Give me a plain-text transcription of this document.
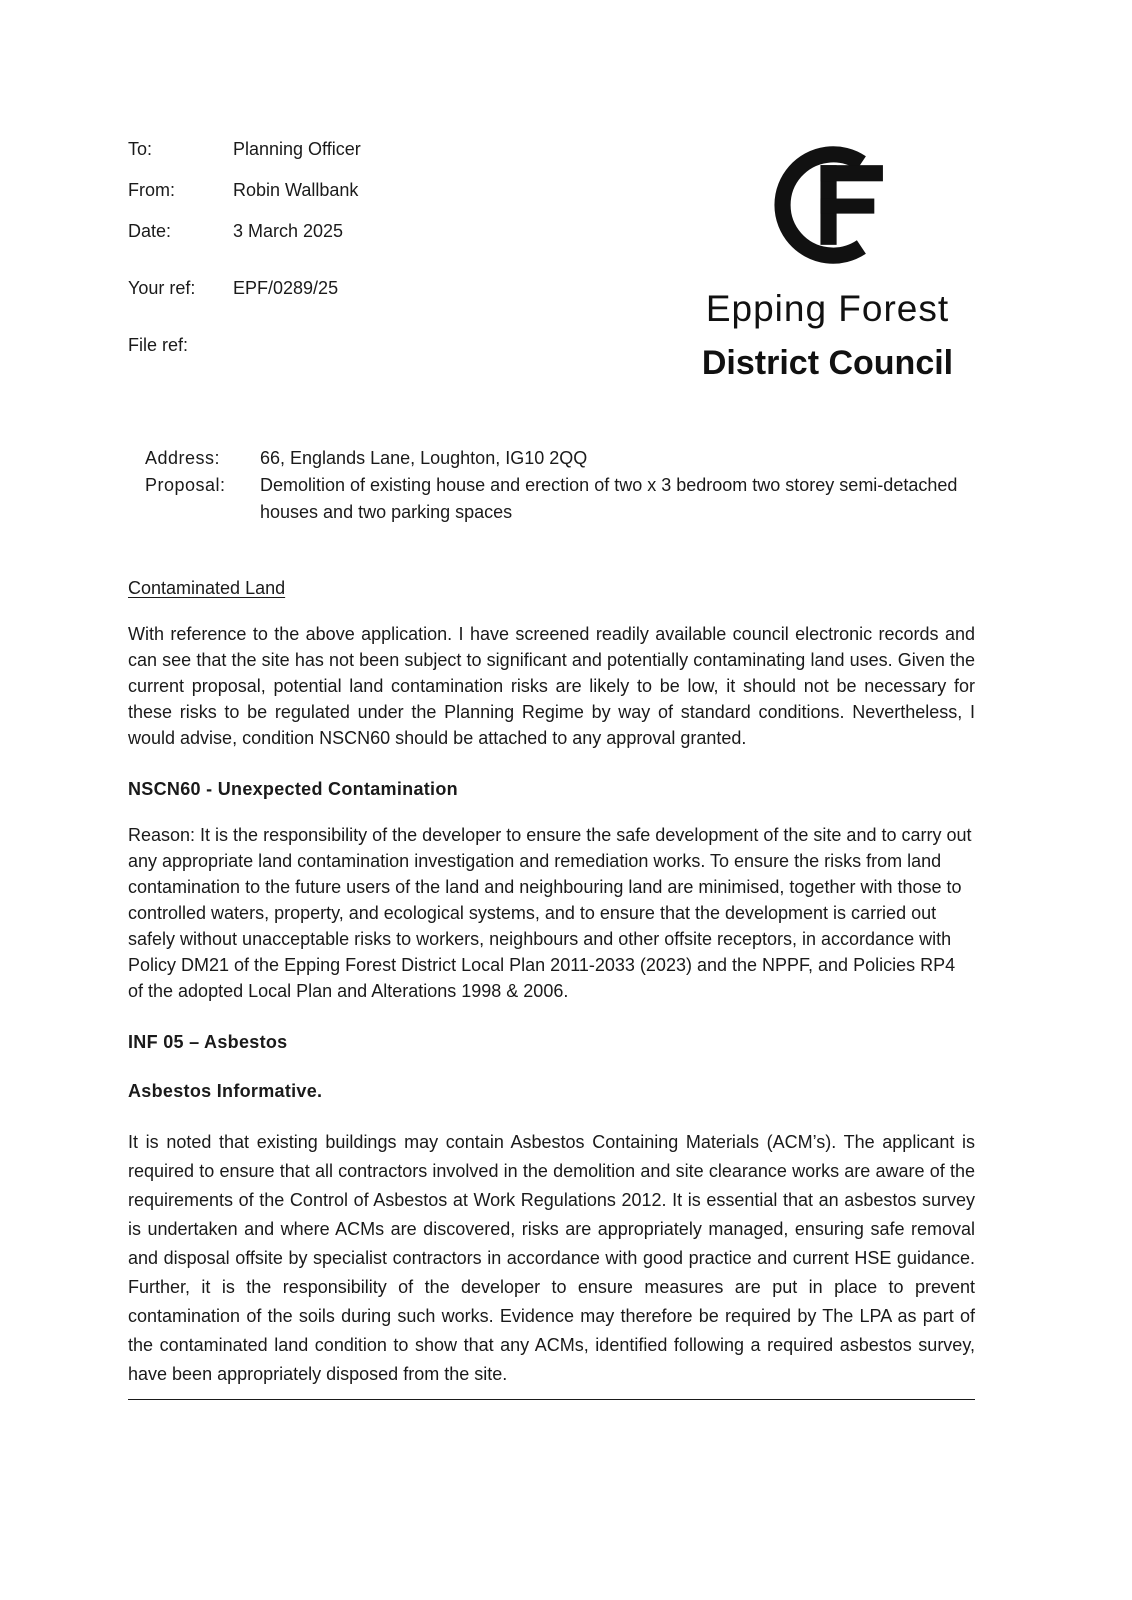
To:	Planning Officer
From:	Robin Wallbank
Date:	3 March 2025
Your ref:	EPF/0289/25
File ref:
Epping Forest
District Council
Address:	66, Englands Lane, Loughton, IG10 2QQ
Proposal:	Demolition of existing house and erection of two x 3 bedroom two storey semi-detached houses and two parking spaces
Contaminated Land

With reference to the above application. I have screened readily available council electronic records and can see that the site has not been subject to significant and potentially contaminating land uses. Given the current proposal, potential land contamination risks are likely to be low, it should not be necessary for these risks to be regulated under the Planning Regime by way of standard conditions. Nevertheless, I would advise, condition NSCN60 should be attached to any approval granted.

NSCN60 - Unexpected Contamination

Reason: It is the responsibility of the developer to ensure the safe development of the site and to carry out any appropriate land contamination investigation and remediation works. To ensure the risks from land contamination to the future users of the land and neighbouring land are minimised, together with those to controlled waters, property, and ecological systems, and to ensure that the development is carried out safely without unacceptable risks to workers, neighbours and other offsite receptors, in accordance with Policy DM21 of the Epping Forest District Local Plan 2011-2033 (2023) and the NPPF, and Policies RP4 of the adopted Local Plan and Alterations 1998 & 2006.

INF 05 – Asbestos
Asbestos Informative.

It is noted that existing buildings may contain Asbestos Containing Materials (ACM’s). The applicant is required to ensure that all contractors involved in the demolition and site clearance works are aware of the requirements of the Control of Asbestos at Work Regulations 2012. It is essential that an asbestos survey is undertaken and where ACMs are discovered, risks are appropriately managed, ensuring safe removal and disposal offsite by specialist contractors in accordance with good practice and current HSE guidance. Further, it is the responsibility of the developer to ensure measures are put in place to prevent contamination of the soils during such works. Evidence may therefore be required by The LPA as part of the contaminated land condition to show that any ACMs, identified following a required asbestos survey, have been appropriately disposed from the site.
